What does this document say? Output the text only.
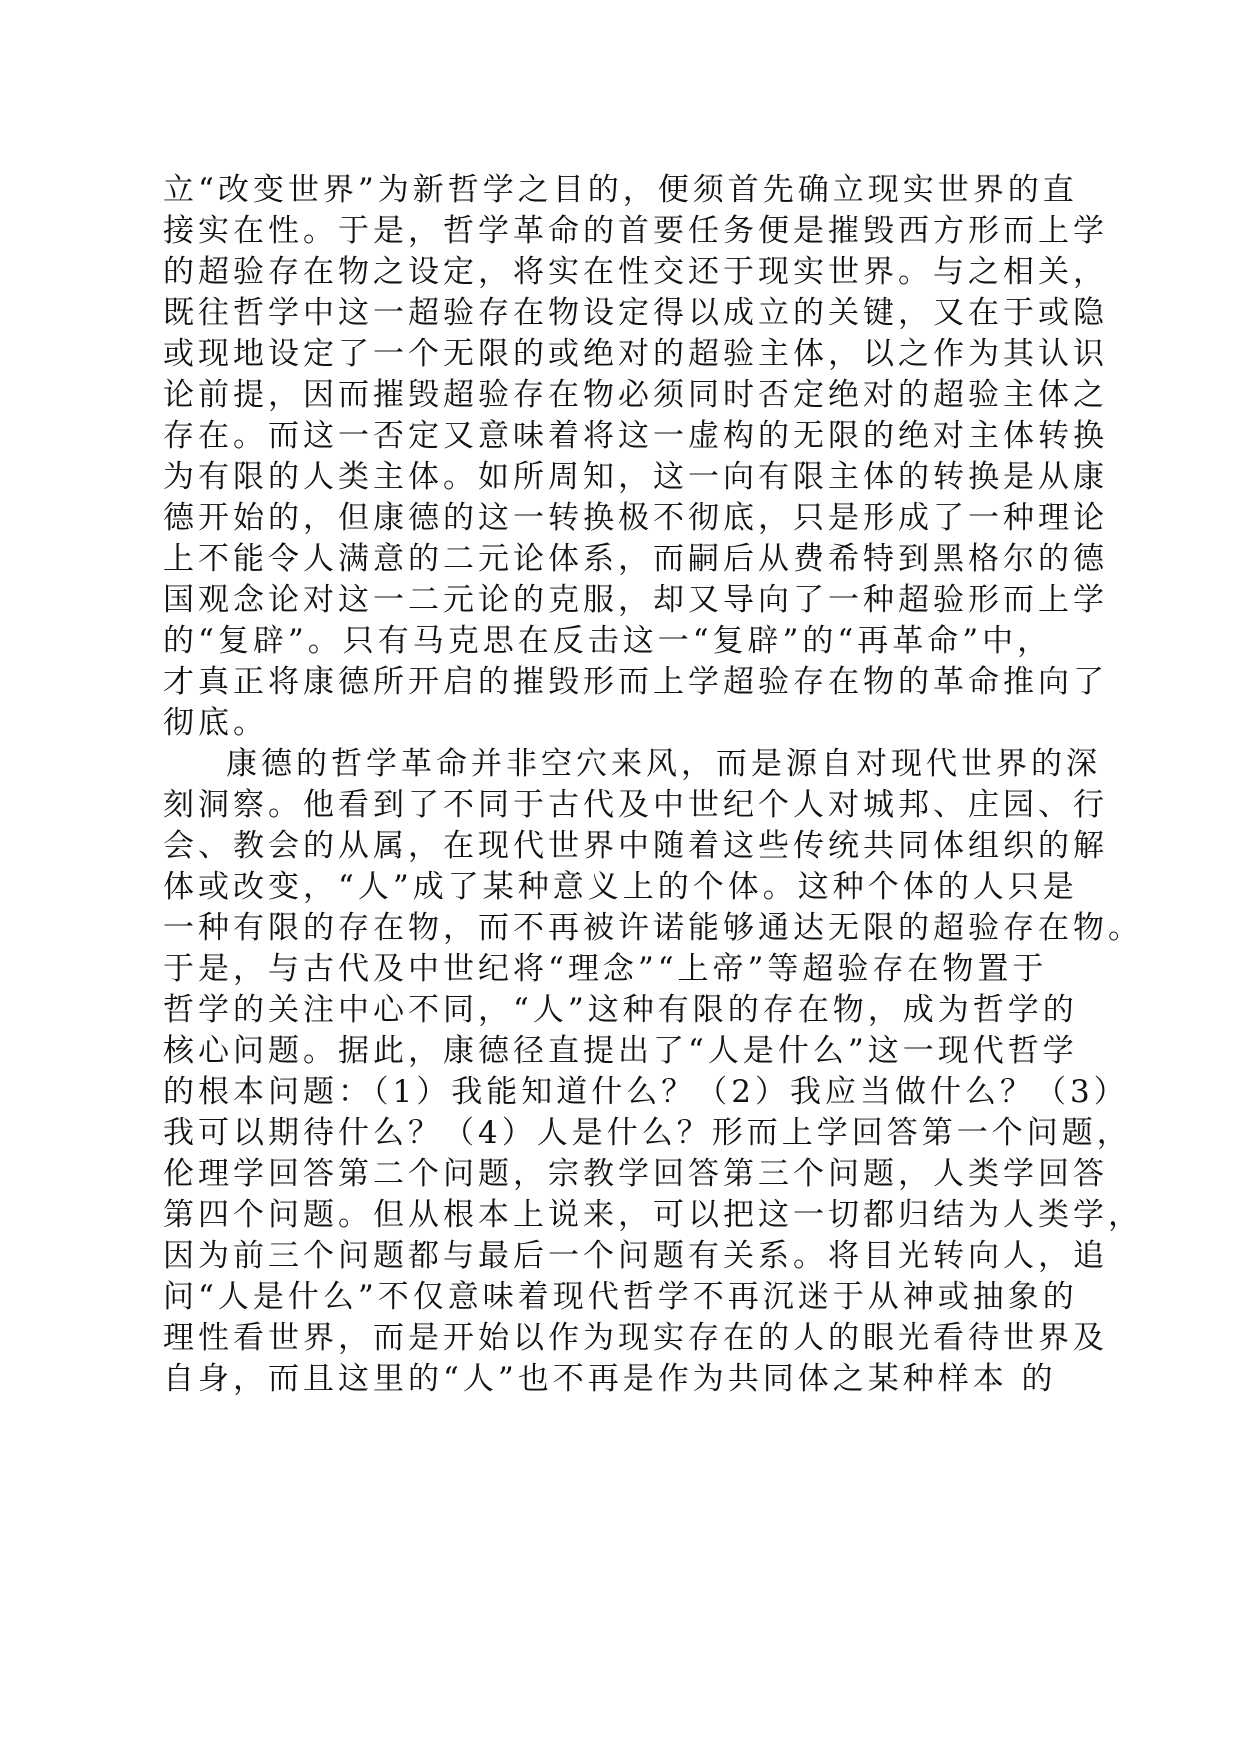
立“改变世界”为新哲学之目的，便须首先确立现实世界的直
接实在性。于是，哲学革命的首要任务便是摧毁西方形而上学
的超验存在物之设定，将实在性交还于现实世界。与之相关，
既往哲学中这一超验存在物设定得以成立的关键，又在于或隐
或现地设定了一个无限的或绝对的超验主体，以之作为其认识
论前提，因而摧毁超验存在物必须同时否定绝对的超验主体之
存在。而这一否定又意味着将这一虚构的无限的绝对主体转换
为有限的人类主体。如所周知，这一向有限主体的转换是从康
德开始的，但康德的这一转换极不彻底，只是形成了一种理论
上不能令人满意的二元论体系，而嗣后从费希特到黑格尔的德
国观念论对这一二元论的克服，却又导向了一种超验形而上学
的“复辟”。只有马克思在反击这一“复辟”的“再革命”中，
才真正将康德所开启的摧毁形而上学超验存在物的革命推向了
彻底。
康德的哲学革命并非空穴来风，而是源自对现代世界的深
刻洞察。他看到了不同于古代及中世纪个人对城邦、庄园、行
会、教会的从属，在现代世界中随着这些传统共同体组织的解
体或改变，“人”成了某种意义上的个体。这种个体的人只是
一种有限的存在物，而不再被许诺能够通达无限的超验存在物。
于是，与古代及中世纪将“理念”“上帝”等超验存在物置于
哲学的关注中心不同，“人”这种有限的存在物，成为哲学的
核心问题。据此，康德径直提出了“人是什么”这一现代哲学
的根本问题：（1）我能知道什么？（2）我应当做什么？（3）
我可以期待什么？（4）人是什么？形而上学回答第一个问题，
伦理学回答第二个问题，宗教学回答第三个问题，人类学回答
第四个问题。但从根本上说来，可以把这一切都归结为人类学，
因为前三个问题都与最后一个问题有关系。将目光转向人，追
问“人是什么”不仅意味着现代哲学不再沉迷于从神或抽象的
理性看世界，而是开始以作为现实存在的人的眼光看待世界及
自身，而且这里的“人”也不再是作为共同体之某种样本 的
